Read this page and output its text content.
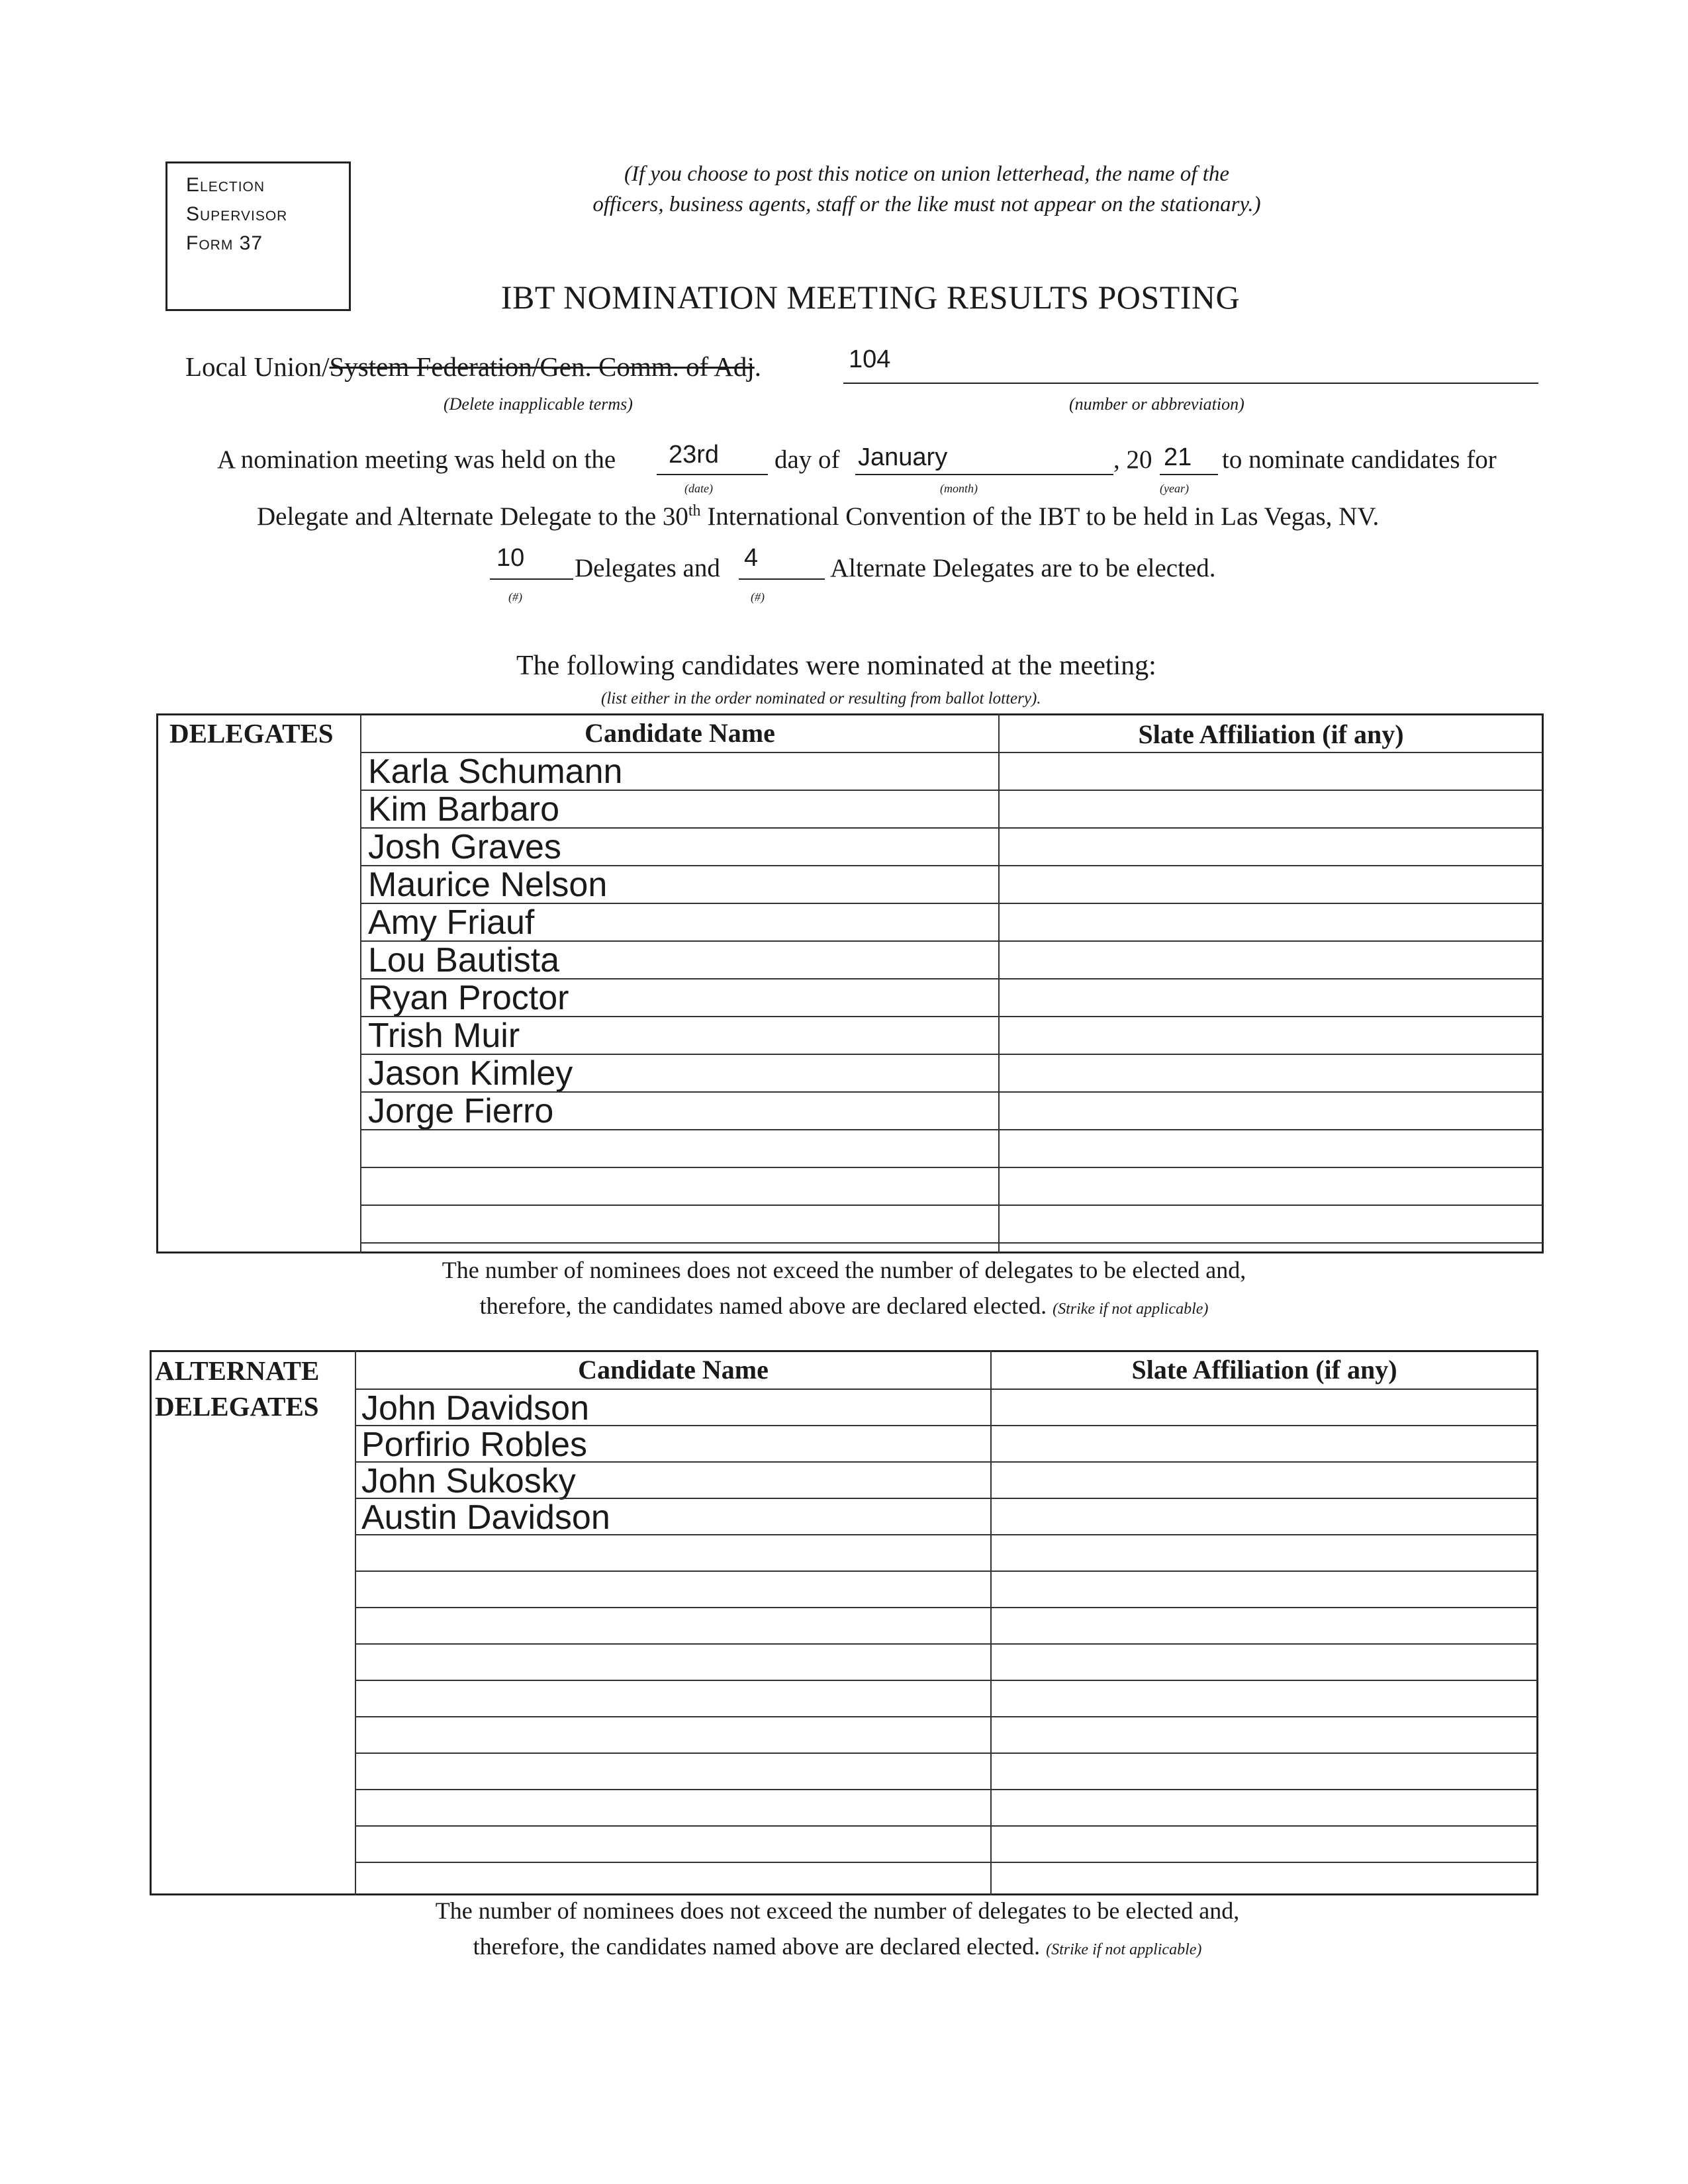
Election
Supervisor
Form 37
(If you choose to post this notice on union letterhead, the name of the
officers, business agents, staff or the like must not appear on the stationary.)
IBT NOMINATION MEETING RESULTS POSTING
Local Union/System Federation/Gen. Comm. of Adj.	104
(Delete inapplicable terms)	(number or abbreviation)
A nomination meeting was held on the 23rd day of January	, 20 21 to nominate candidates for
(date)	(month)	(year)
Delegate and Alternate Delegate to the 30th International Convention of the IBT to be held in Las Vegas, NV.
10 Delegates and 4	Alternate Delegates are to be elected.
(#)	(#)
The following candidates were nominated at the meeting:
(list either in the order nominated or resulting from ballot lottery).
DELEGATES	Candidate Name	Slate Affiliation (if any)
Karla Schumann
Kim Barbaro
Josh Graves
Maurice Nelson
Amy Friauf
Lou Bautista
Ryan Proctor
Trish Muir
Jason Kimley
Jorge Fierro
The number of nominees does not exceed the number of delegates to be elected and,
therefore, the candidates named above are declared elected. (Strike if not applicable)
ALTERNATE
DELEGATES
Candidate Name	Slate Affiliation (if any)
John Davidson
Porfirio Robles
John Sukosky
Austin Davidson
The number of nominees does not exceed the number of delegates to be elected and,
therefore, the candidates named above are declared elected. (Strike if not applicable)
